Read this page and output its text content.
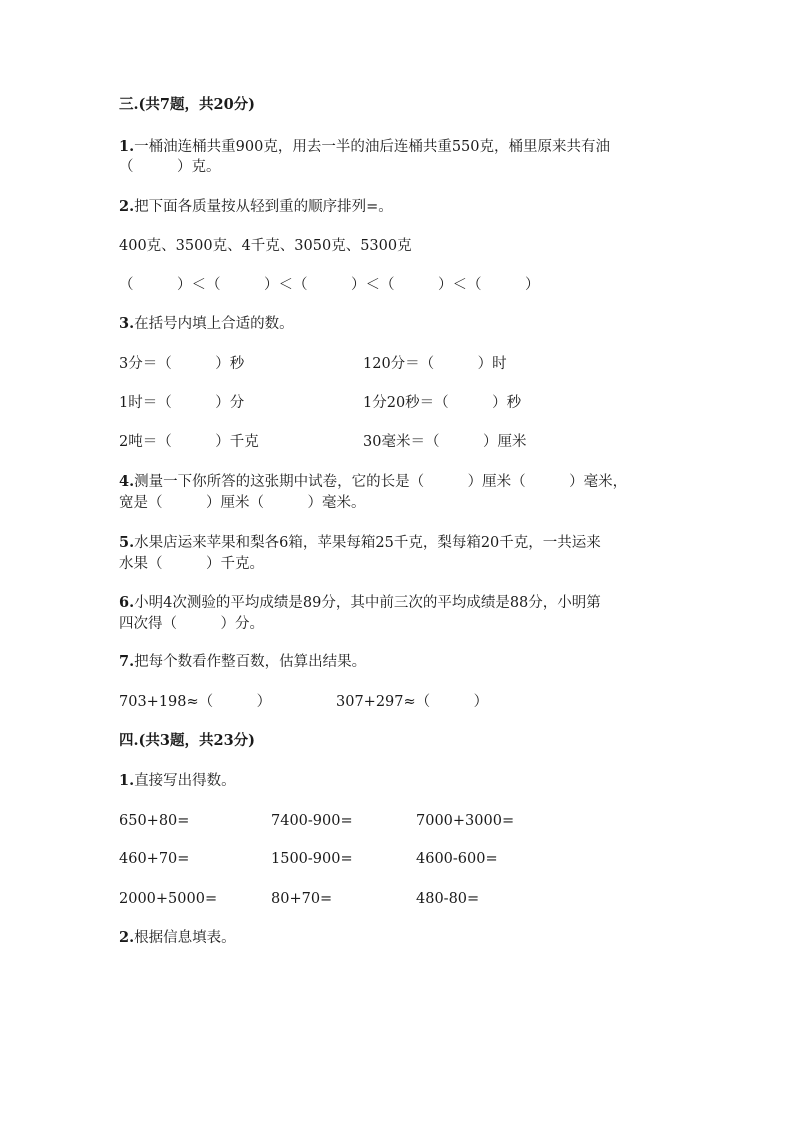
三.(共7题，共20分)
1.一桶油连桶共重900克，用去一半的油后连桶共重550克，桶里原来共有油
（　　　）克。
2.把下面各质量按从轻到重的顺序排列=。
400克、3500克、4千克、3050克、5300克
（　　　）＜（　　　）＜（　　　）＜（　　　）＜（　　　）
3.在括号内填上合适的数。
3分＝（　　　）秒	120分＝（　　　）时
1时＝（　　　）分	1分20秒＝（　　　）秒
2吨＝（　　　）千克	30毫米＝（　　　）厘米
4.测量一下你所答的这张期中试卷，它的长是（　　　）厘米（　　　）毫米，
宽是（　　　）厘米（　　　）毫米。
5.水果店运来苹果和梨各6箱，苹果每箱25千克，梨每箱20千克，一共运来
水果（　　　）千克。
6.小明4次测验的平均成绩是89分，其中前三次的平均成绩是88分，小明第
四次得（　　　）分。
7.把每个数看作整百数，估算出结果。
703+198≈（　　　）	307+297≈（　　　）
四.(共3题，共23分)
1.直接写出得数。
650+80=	7400-900=	7000+3000=
460+70=	1500-900=	4600-600=
2000+5000=	80+70=	480-80=
2.根据信息填表。
